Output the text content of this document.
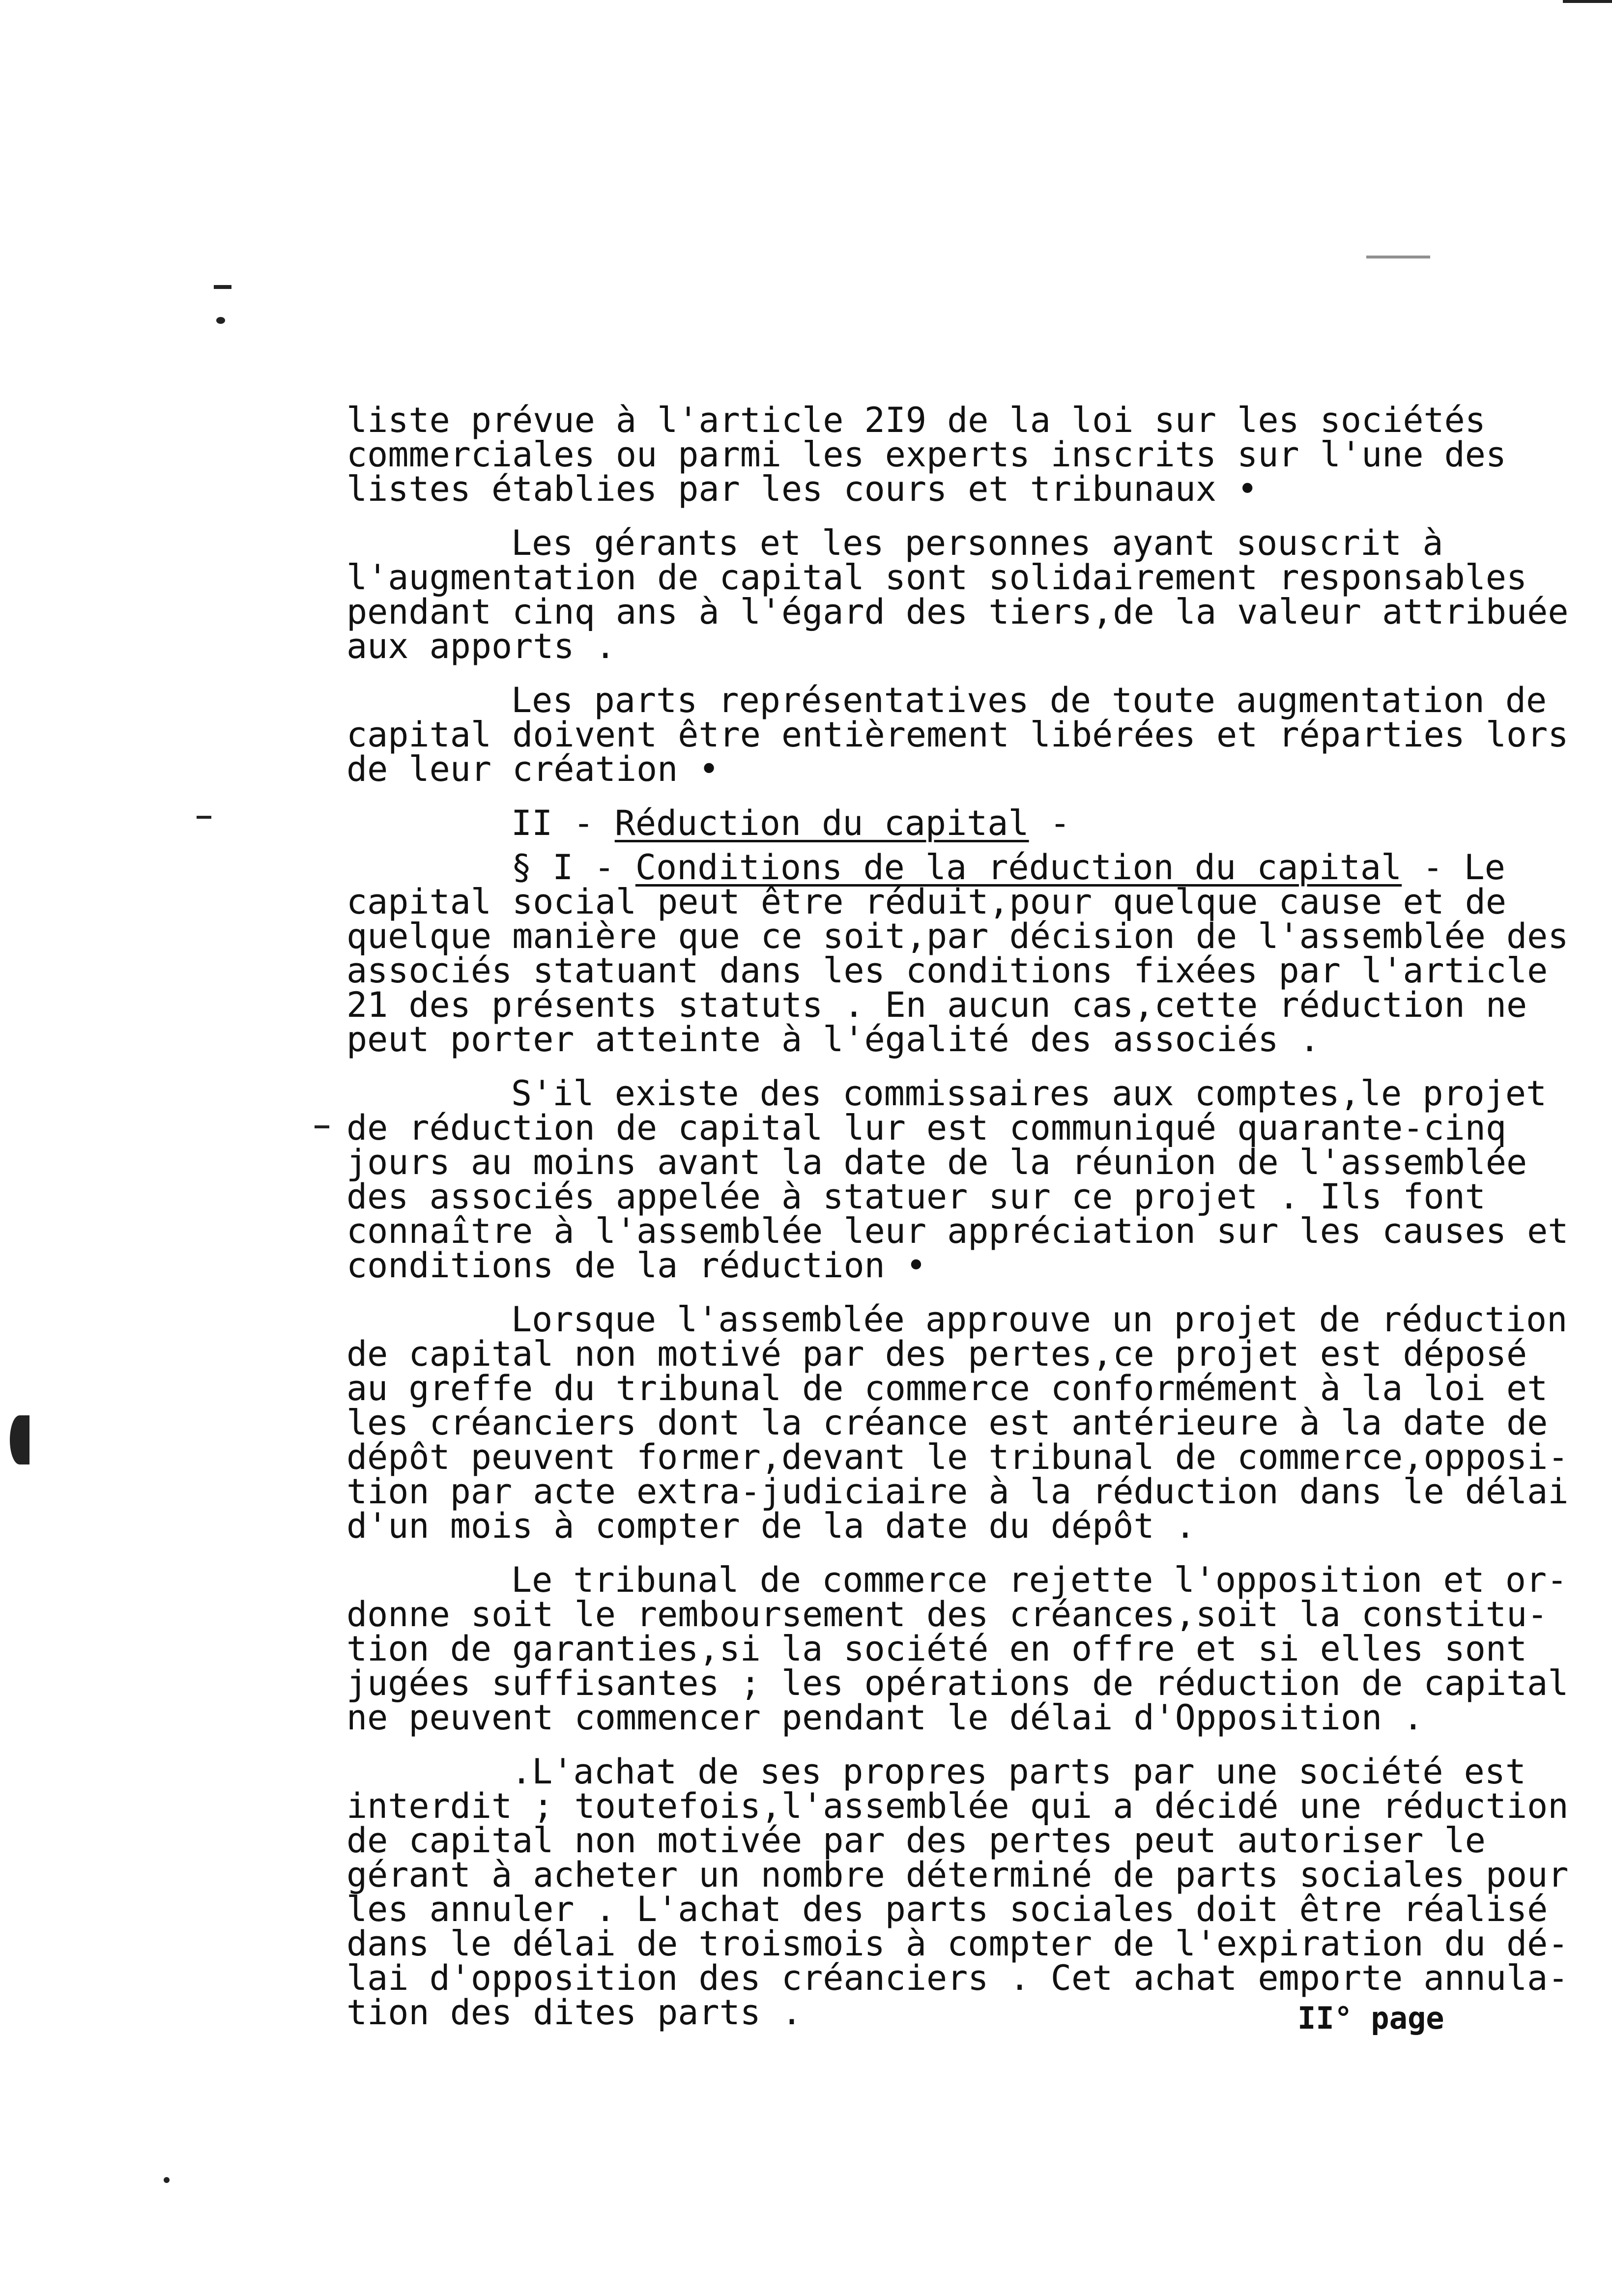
liste prévue à l'article 2I9 de la loi sur les sociétés
commerciales ou parmi les experts inscrits sur l'une des
listes établies par les cours et tribunaux •
Les gérants et les personnes ayant souscrit à
l'augmentation de capital sont solidairement responsables
pendant cinq ans à l'égard des tiers,de la valeur attribuée
aux apports .
Les parts représentatives de toute augmentation de
capital doivent être entièrement libérées et réparties lors
de leur création •
II - Réduction du capital -
§ I - Conditions de la réduction du capital - Le
capital social peut être réduit,pour quelque cause et de
quelque manière que ce soit,par décision de l'assemblée des
associés statuant dans les conditions fixées par l'article
21 des présents statuts . En aucun cas,cette réduction ne
peut porter atteinte à l'égalité des associés .
S'il existe des commissaires aux comptes,le projet
de réduction de capital lur est communiqué quarante-cinq
jours au moins avant la date de la réunion de l'assemblée
des associés appelée à statuer sur ce projet . Ils font
connaître à l'assemblée leur appréciation sur les causes et
conditions de la réduction •
Lorsque l'assemblée approuve un projet de réduction
de capital non motivé par des pertes,ce projet est déposé
au greffe du tribunal de commerce conformément à la loi et
les créanciers dont la créance est antérieure à la date de
dépôt peuvent former,devant le tribunal de commerce,opposi-
tion par acte extra-judiciaire à la réduction dans le délai
d'un mois à compter de la date du dépôt .
Le tribunal de commerce rejette l'opposition et or-
donne soit le remboursement des créances,soit la constitu-
tion de garanties,si la société en offre et si elles sont
jugées suffisantes ; les opérations de réduction de capital
ne peuvent commencer pendant le délai d'Opposition .
.L'achat de ses propres parts par une société est
interdit ; toutefois,l'assemblée qui a décidé une réduction
de capital non motivée par des pertes peut autoriser le
gérant à acheter un nombre déterminé de parts sociales pour
les annuler . L'achat des parts sociales doit être réalisé
dans le délai de troismois à compter de l'expiration du dé-
lai d'opposition des créanciers . Cet achat emporte annula-
tion des dites parts .	II° page
